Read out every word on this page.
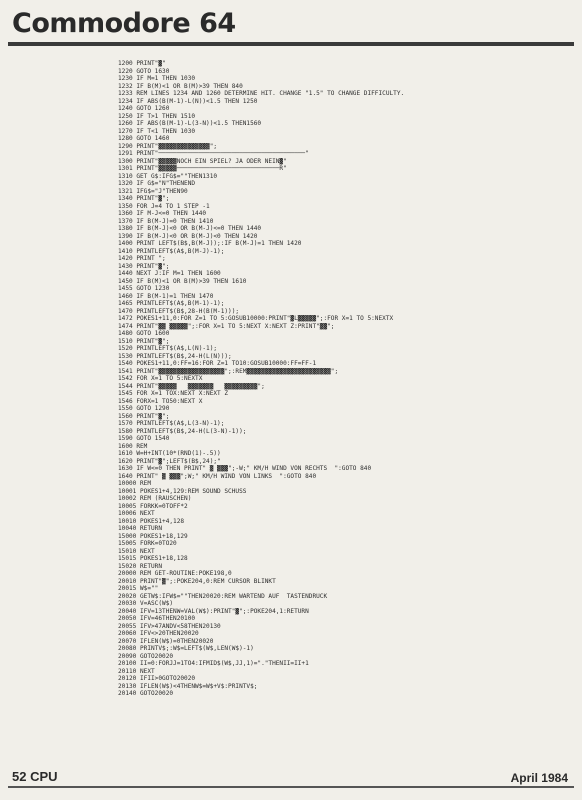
Commodore 64
1200 PRINT"▓"
1220 GOTO 1630
1230 IF M=1 THEN 1030
1232 IF B(M)<1 OR B(M)>39 THEN 840
1233 REM LINES 1234 AND 1260 DETERMINE HIT. CHANGE "1.5" TO CHANGE DIFFICULTY.
1234 IF ABS(B(M-1)-L(N))<1.5 THEN 1250
1240 GOTO 1260
1250 IF T>1 THEN 1510
1260 IF ABS(B(M-1)-L(3-N))<1.5 THEN1560
1270 IF T<1 THEN 1030
1280 GOTO 1460
1290 PRINT"▓▓▓▓▓▓▓▓▓▓▓▓▓▓";
1291 PRINT"────────────────────────────────────────"
1300 PRINT"▓▓▓▓▓NOCH EIN SPIEL? JA ODER NEIN▓"
1301 PRINT"▓▓▓▓▓────────────────────────────R"
1310 GET G$:IFG$=""THEN1310
1320 IF G$="N"THENEND
1321 IFG$="J"THEN90
1340 PRINT"▓";
1350 FOR J=4 TO 1 STEP -1
1360 IF M-J<=0 THEN 1440
1370 IF B(M-J)=0 THEN 1410
1380 IF B(M-J)<0 OR B(M-J)<=0 THEN 1440
1390 IF B(M-J)<0 OR B(M-J)<0 THEN 1420
1400 PRINT LEFT$(B$,B(M-J));:IF B(M-J)=1 THEN 1420
1410 PRINTLEFT$(A$,B(M-J)-1);
1420 PRINT ";
1430 PRINT"▓";
1440 NEXT J:IF M=1 THEN 1600
1450 IF B(M)<1 OR B(M)>39 THEN 1610
1455 GOTO 1230
1460 IF B(M-1)=1 THEN 1470
1465 PRINTLEFT$(A$,B(M-1)-1);
1470 PRINTLEFT$(B$,28-H(B(M-1)));
1472 POKES1+11,0:FOR Z=1 TO 5:GOSUB10000:PRINT"▓L▓▓▓▓▓";:FOR X=1 TO 5:NEXTX
1474 PRINT"▓▓ ▓▓▓▓▓";:FOR X=1 TO 5:NEXT X:NEXT Z:PRINT"▓▓";
1480 GOTO 1600
1510 PRINT"▓";
1520 PRINTLEFT$(A$,L(N)-1);
1530 PRINTLEFT$(B$,24-H(L(N)));
1540 POKES1+11,0:FF=16:FOR Z=1 TO10:GOSUB10000:FF=FF-1
1541 PRINT"▓▓▓▓▓▓▓▓▓▓▓▓▓▓▓▓▓▓";:REM▓▓▓▓▓▓▓▓▓▓▓▓▓▓▓▓▓▓▓▓▓▓▓";
1542 FOR X=1 TO 5:NEXTX
1544 PRINT"▓▓▓▓▓   ▓▓▓▓▓▓▓   ▓▓▓▓▓▓▓▓▓";
1545 FOR X=1 TOX:NEXT X:NEXT Z
1546 FORX=1 TO50:NEXT X
1550 GOTO 1290
1560 PRINT"▓";
1570 PRINTLEFT$(A$,L(3-N)-1);
1580 PRINTLEFT$(B$,24-H(L(3-N)-1));
1590 GOTO 1540
1600 REM
1610 W=H+INT(10*(RND(1)-.5))
1620 PRINT"▓";LEFT$(B$,24);"
1630 IF W<=0 THEN PRINT" ▓ ▓▓▓";-W;" KM/H WIND VON RECHTS  ":GOTO 840
1640 PRINT" ▓ ▓▓▓";W;" KM/H WIND VON LINKS  ":GOTO 840
10000 REM
10001 POKES1+4,129:REM SOUND SCHUSS
10002 REM (RAUSCHEN)
10005 FORKK=0TOFF*2
10006 NEXT
10010 POKES1+4,128
10040 RETURN
15000 POKES1+18,129
15005 FORK=0TO20
15010 NEXT
15015 POKES1+18,128
15020 RETURN
20000 REM GET-ROUTINE:POKE198,0
20010 PRINT"▓";:POKE204,0:REM CURSOR BLINKT
20015 W$=""
20020 GETW$:IFW$=""THEN20020:REM WARTEND AUF  TASTENDRUCK
20030 V=ASC(W$)
20040 IFV=13THENW=VAL(W$):PRINT"▓";:POKE204,1:RETURN
20050 IFV=46THEN20100
20055 IFV>47ANDV<58THEN20130
20060 IFV<>20THEN20020
20070 IFLEN(W$)=0THEN20020
20080 PRINTV$;:W$=LEFT$(W$,LEN(W$)-1)
20090 GOTO20020
20100 II=0:FORJJ=1TO4:IFMID$(W$,JJ,1)="."THENII=II+1
20110 NEXT
20120 IFII>0GOTO20020
20130 IFLEN(W$)<4THENW$=W$+V$:PRINTV$;
20140 GOTO20020
52 CPU	April 1984
